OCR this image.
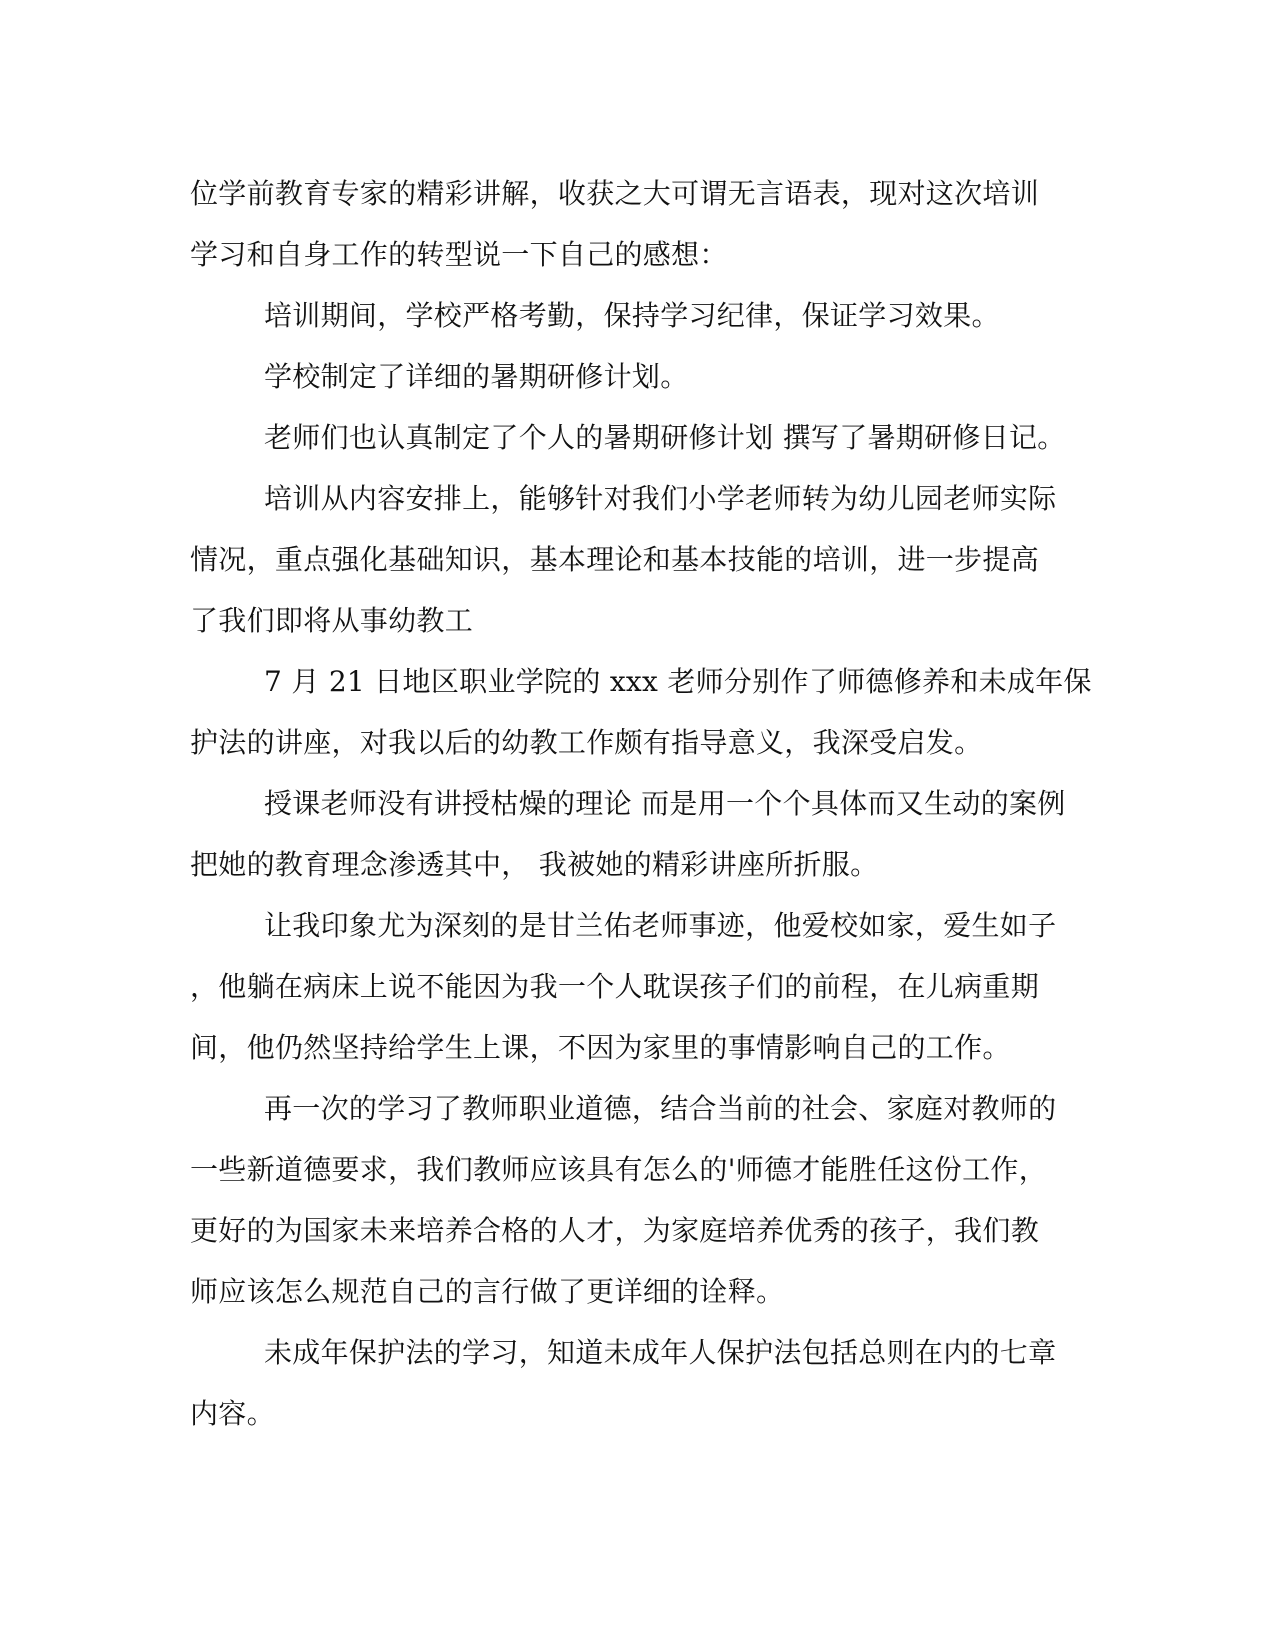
位学前教育专家的精彩讲解，收获之大可谓无言语表，现对这次培训
学习和自身工作的转型说一下自己的感想：
培训期间，学校严格考勤，保持学习纪律，保证学习效果。
学校制定了详细的暑期研修计划。
老师们也认真制定了个人的暑期研修计划 撰写了暑期研修日记。
培训从内容安排上，能够针对我们小学老师转为幼儿园老师实际
情况，重点强化基础知识，基本理论和基本技能的培训，进一步提高
了我们即将从事幼教工
7 月 21 日地区职业学院的 xxx 老师分别作了师德修养和未成年保
护法的讲座，对我以后的幼教工作颇有指导意义，我深受启发。
授课老师没有讲授枯燥的理论 而是用一个个具体而又生动的案例
把她的教育理念渗透其中， 我被她的精彩讲座所折服。
让我印象尤为深刻的是甘兰佑老师事迹，他爱校如家，爱生如子
，他躺在病床上说不能因为我一个人耽误孩子们的前程，在儿病重期
间，他仍然坚持给学生上课，不因为家里的事情影响自己的工作。
再一次的学习了教师职业道德，结合当前的社会、家庭对教师的
一些新道德要求，我们教师应该具有怎么的'师德才能胜任这份工作，
更好的为国家未来培养合格的人才，为家庭培养优秀的孩子，我们教
师应该怎么规范自己的言行做了更详细的诠释。
未成年保护法的学习，知道未成年人保护法包括总则在内的七章
内容。
